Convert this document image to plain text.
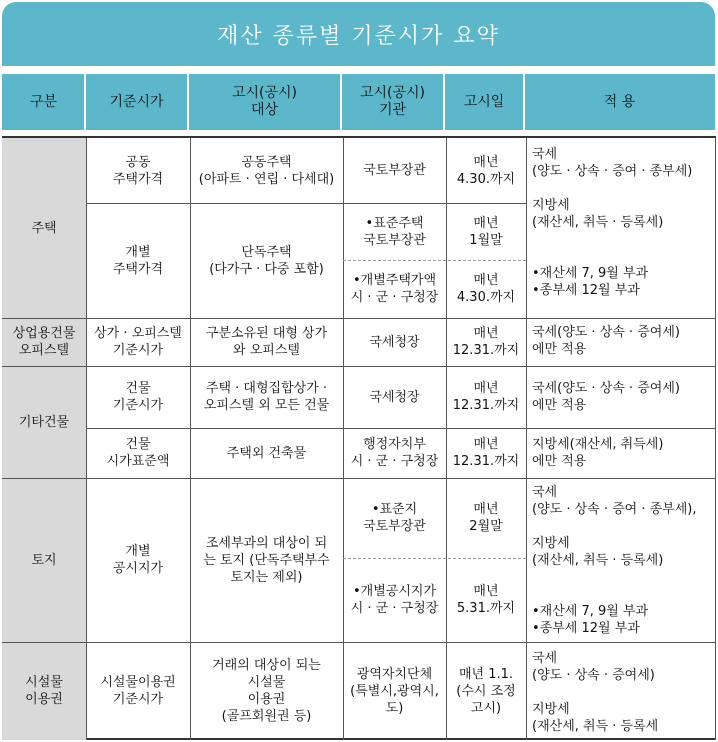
재산 종류별 기준시가 요약
구분	기준시가
고시(공시)
대상
고시(공시)
기관
고시일	적 용
주택
상업용건물
오피스텔
기타건물
토지
시설물
이용권
공동
주택가격
공동주택
(아파트 · 연립 · 다세대)
국토부장관
매년
4.30.까지
개별
주택가격
단독주택
(다가구 · 다중 포함)
•표준주택
국토부장관
매년
1월말
•개별주택가액
시 · 군 · 구청장
매년
4.30.까지
국세
(양도 · 상속 · 증여 · 종부세)

지방세
(재산세, 취득 · 등록세)

•재산세 7, 9월 부과
•종부세 12월 부과
상가 · 오피스텔
기준시가
구분소유된 대형 상가
와 오피스텔
국세청장
매년
12.31.까지
국세(양도 · 상속 · 증여세)
에만 적용
건물
기준시가
주택 · 대형집합상가 ·
오피스텔 외 모든 건물
국세청장
매년
12.31.까지
국세(양도 · 상속 · 증여세)
에만 적용
건물
시가표준액
주택외 건축물
행정자치부
시 · 군 · 구청장
매년
12.31.까지
지방세(재산세, 취득세)
에만 적용
개별
공시지가
조세부과의 대상이 되
는 토지 (단독주택부수
토지는 제외)
•표준지
국토부장관
매년
2월말
•개별공시지가
시 · 군 · 구청장
매년
5.31.까지
국세
(양도 · 상속 · 증여 · 종부세),

지방세
(재산세, 취득 · 등록세)

•재산세 7, 9월 부과
•종부세 12월 부과
시설물이용권
기준시가
거래의 대상이 되는
시설물
이용권
(골프회원권 등)
광역자치단체
(특별시,광역시,
도)
매년 1.1.
(수시 조정
고시)
국세
(양도 · 상속 · 증여세)

지방세
(재산세, 취득 · 등록세
